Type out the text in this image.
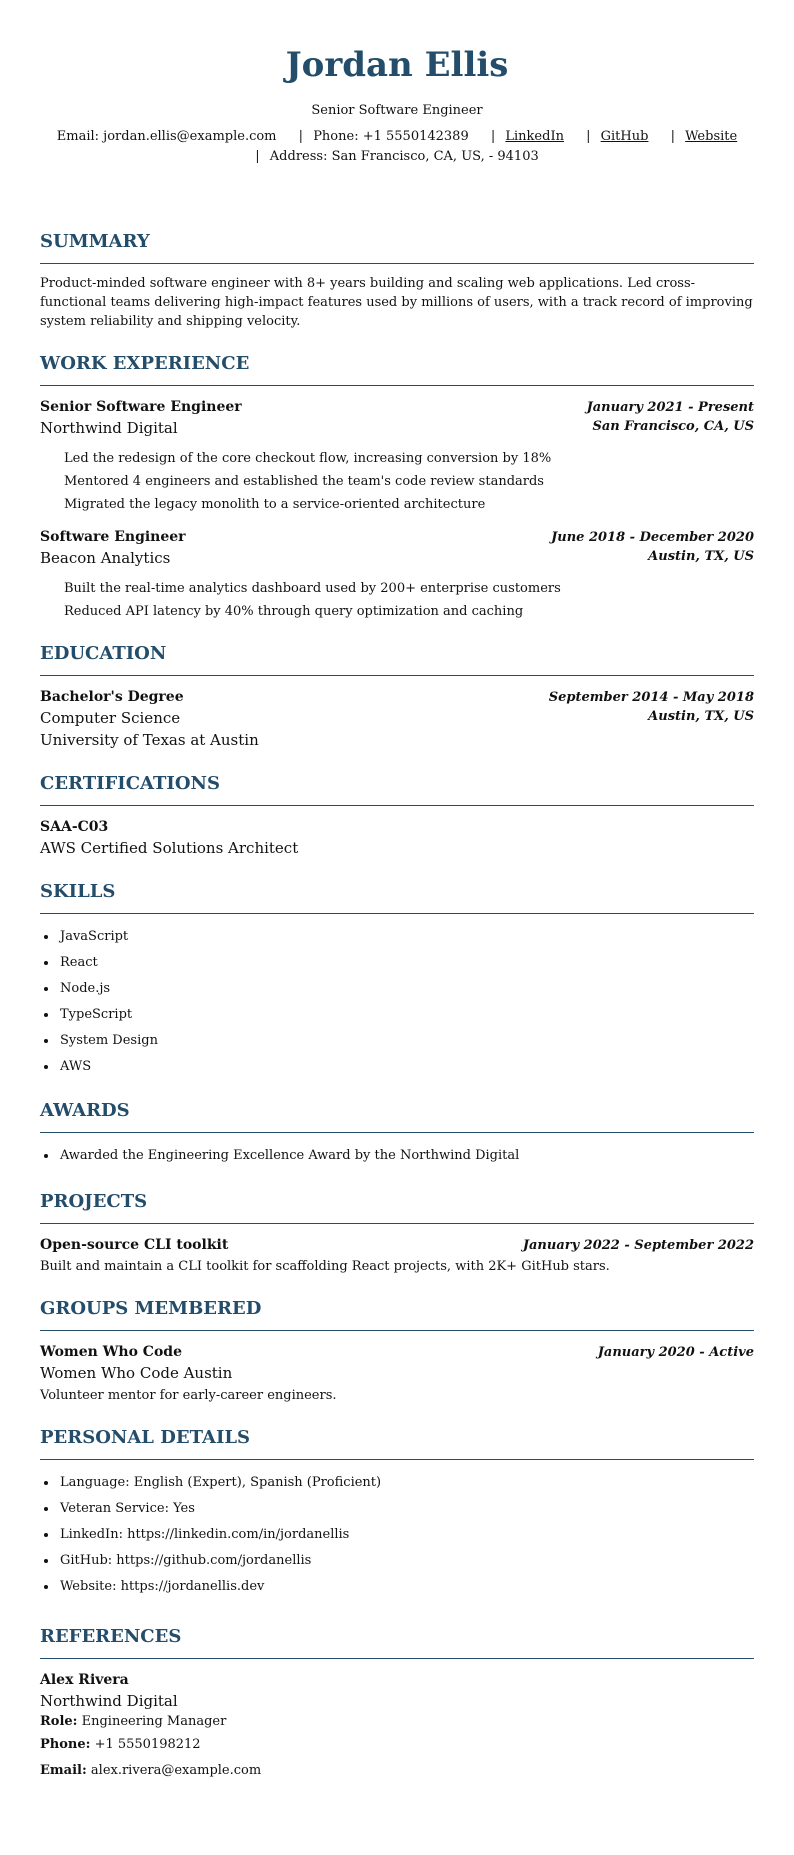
Jordan Ellis
Senior Software Engineer
Email: jordan.ellis@example.com | Phone: +1 5550142389 | LinkedIn | GitHub | Website
| Address: San Francisco, CA, US, - 94103
SUMMARY
Product-minded software engineer with 8+ years building and scaling web applications. Led cross-functional teams delivering high-impact features used by millions of users, with a track record of improving system reliability and shipping velocity.
WORK EXPERIENCE
Senior Software Engineer
Northwind Digital
January 2021 - Present
San Francisco, CA, US
Led the redesign of the core checkout flow, increasing conversion by 18%
Mentored 4 engineers and established the team's code review standards
Migrated the legacy monolith to a service-oriented architecture
Software Engineer
Beacon Analytics
June 2018 - December 2020
Austin, TX, US
Built the real-time analytics dashboard used by 200+ enterprise customers
Reduced API latency by 40% through query optimization and caching
EDUCATION
Bachelor's Degree
Computer Science
University of Texas at Austin
September 2014 - May 2018
Austin, TX, US
CERTIFICATIONS
SAA-C03
AWS Certified Solutions Architect
SKILLS
• JavaScript
• React
• Node.js
• TypeScript
• System Design
• AWS
AWARDS
• Awarded the Engineering Excellence Award by the Northwind Digital
PROJECTS
Open-source CLI toolkit	January 2022 - September 2022
Built and maintain a CLI toolkit for scaffolding React projects, with 2K+ GitHub stars.
GROUPS MEMBERED
Women Who Code
Women Who Code Austin
January 2020 - Active
Volunteer mentor for early-career engineers.
PERSONAL DETAILS
• Language: English (Expert), Spanish (Proficient)
• Veteran Service: Yes
• LinkedIn: https://linkedin.com/in/jordanellis
• GitHub: https://github.com/jordanellis
• Website: https://jordanellis.dev
REFERENCES
Alex Rivera
Northwind Digital
Role: Engineering Manager
Phone: +1 5550198212
Email: alex.rivera@example.com
